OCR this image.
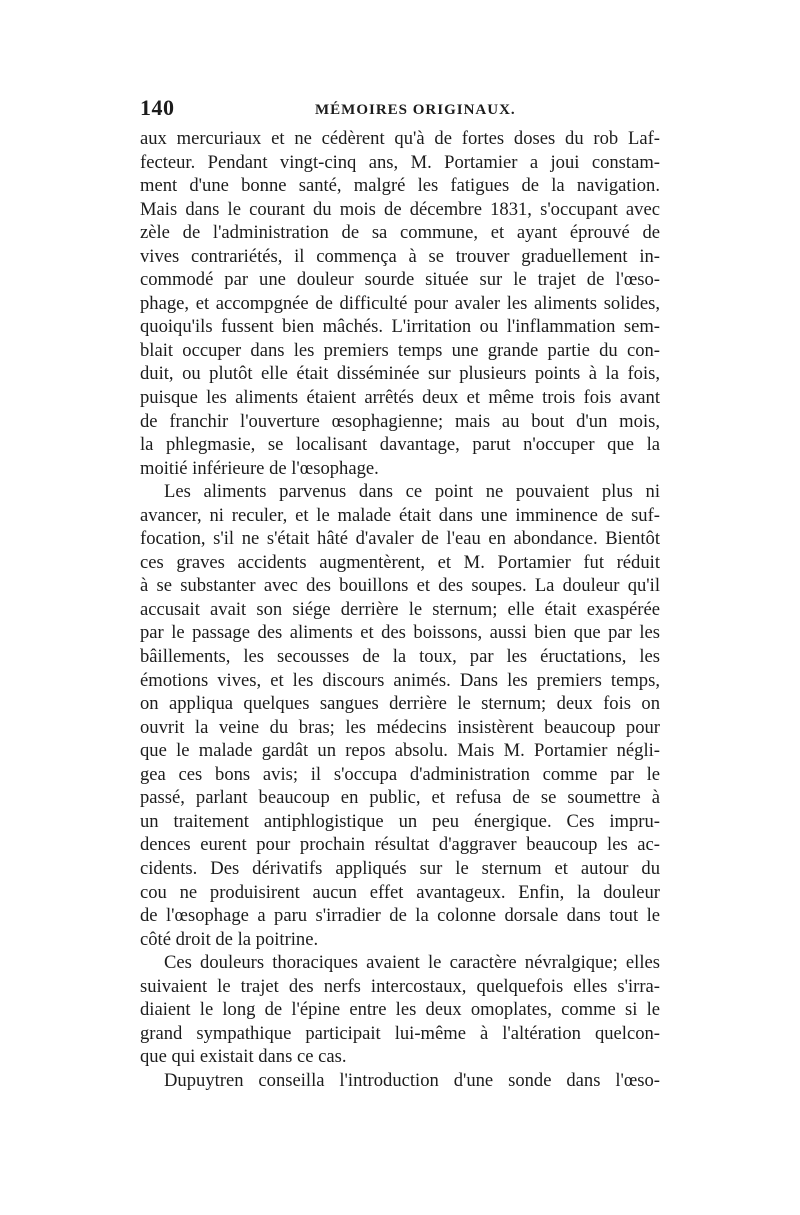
140	MÉMOIRES ORIGINAUX.
aux mercuriaux et ne cédèrent qu'à de fortes doses du rob Laf-
fecteur. Pendant vingt-cinq ans, M. Portamier a joui constam-
ment d'une bonne santé, malgré les fatigues de la navigation.
Mais dans le courant du mois de décembre 1831, s'occupant avec
zèle de l'administration de sa commune, et ayant éprouvé de
vives contrariétés, il commença à se trouver graduellement in-
commodé par une douleur sourde située sur le trajet de l'œso-
phage, et accompgnée de difficulté pour avaler les aliments solides,
quoiqu'ils fussent bien mâchés. L'irritation ou l'inflammation sem-
blait occuper dans les premiers temps une grande partie du con-
duit, ou plutôt elle était disséminée sur plusieurs points à la fois,
puisque les aliments étaient arrêtés deux et même trois fois avant
de franchir l'ouverture œsophagienne; mais au bout d'un mois,
la phlegmasie, se localisant davantage, parut n'occuper que la
moitié inférieure de l'œsophage.
Les aliments parvenus dans ce point ne pouvaient plus ni
avancer, ni reculer, et le malade était dans une imminence de suf-
focation, s'il ne s'était hâté d'avaler de l'eau en abondance. Bientôt
ces graves accidents augmentèrent, et M. Portamier fut réduit
à se substanter avec des bouillons et des soupes. La douleur qu'il
accusait avait son siége derrière le sternum; elle était exaspérée
par le passage des aliments et des boissons, aussi bien que par les
bâillements, les secousses de la toux, par les éructations, les
émotions vives, et les discours animés. Dans les premiers temps,
on appliqua quelques sangues derrière le sternum; deux fois on
ouvrit la veine du bras; les médecins insistèrent beaucoup pour
que le malade gardât un repos absolu. Mais M. Portamier négli-
gea ces bons avis; il s'occupa d'administration comme par le
passé, parlant beaucoup en public, et refusa de se soumettre à
un traitement antiphlogistique un peu énergique. Ces impru-
dences eurent pour prochain résultat d'aggraver beaucoup les ac-
cidents. Des dérivatifs appliqués sur le sternum et autour du
cou ne produisirent aucun effet avantageux. Enfin, la douleur
de l'œsophage a paru s'irradier de la colonne dorsale dans tout le
côté droit de la poitrine.
Ces douleurs thoraciques avaient le caractère névralgique; elles
suivaient le trajet des nerfs intercostaux, quelquefois elles s'irra-
diaient le long de l'épine entre les deux omoplates, comme si le
grand sympathique participait lui-même à l'altération quelcon-
que qui existait dans ce cas.
Dupuytren conseilla l'introduction d'une sonde dans l'œso-
